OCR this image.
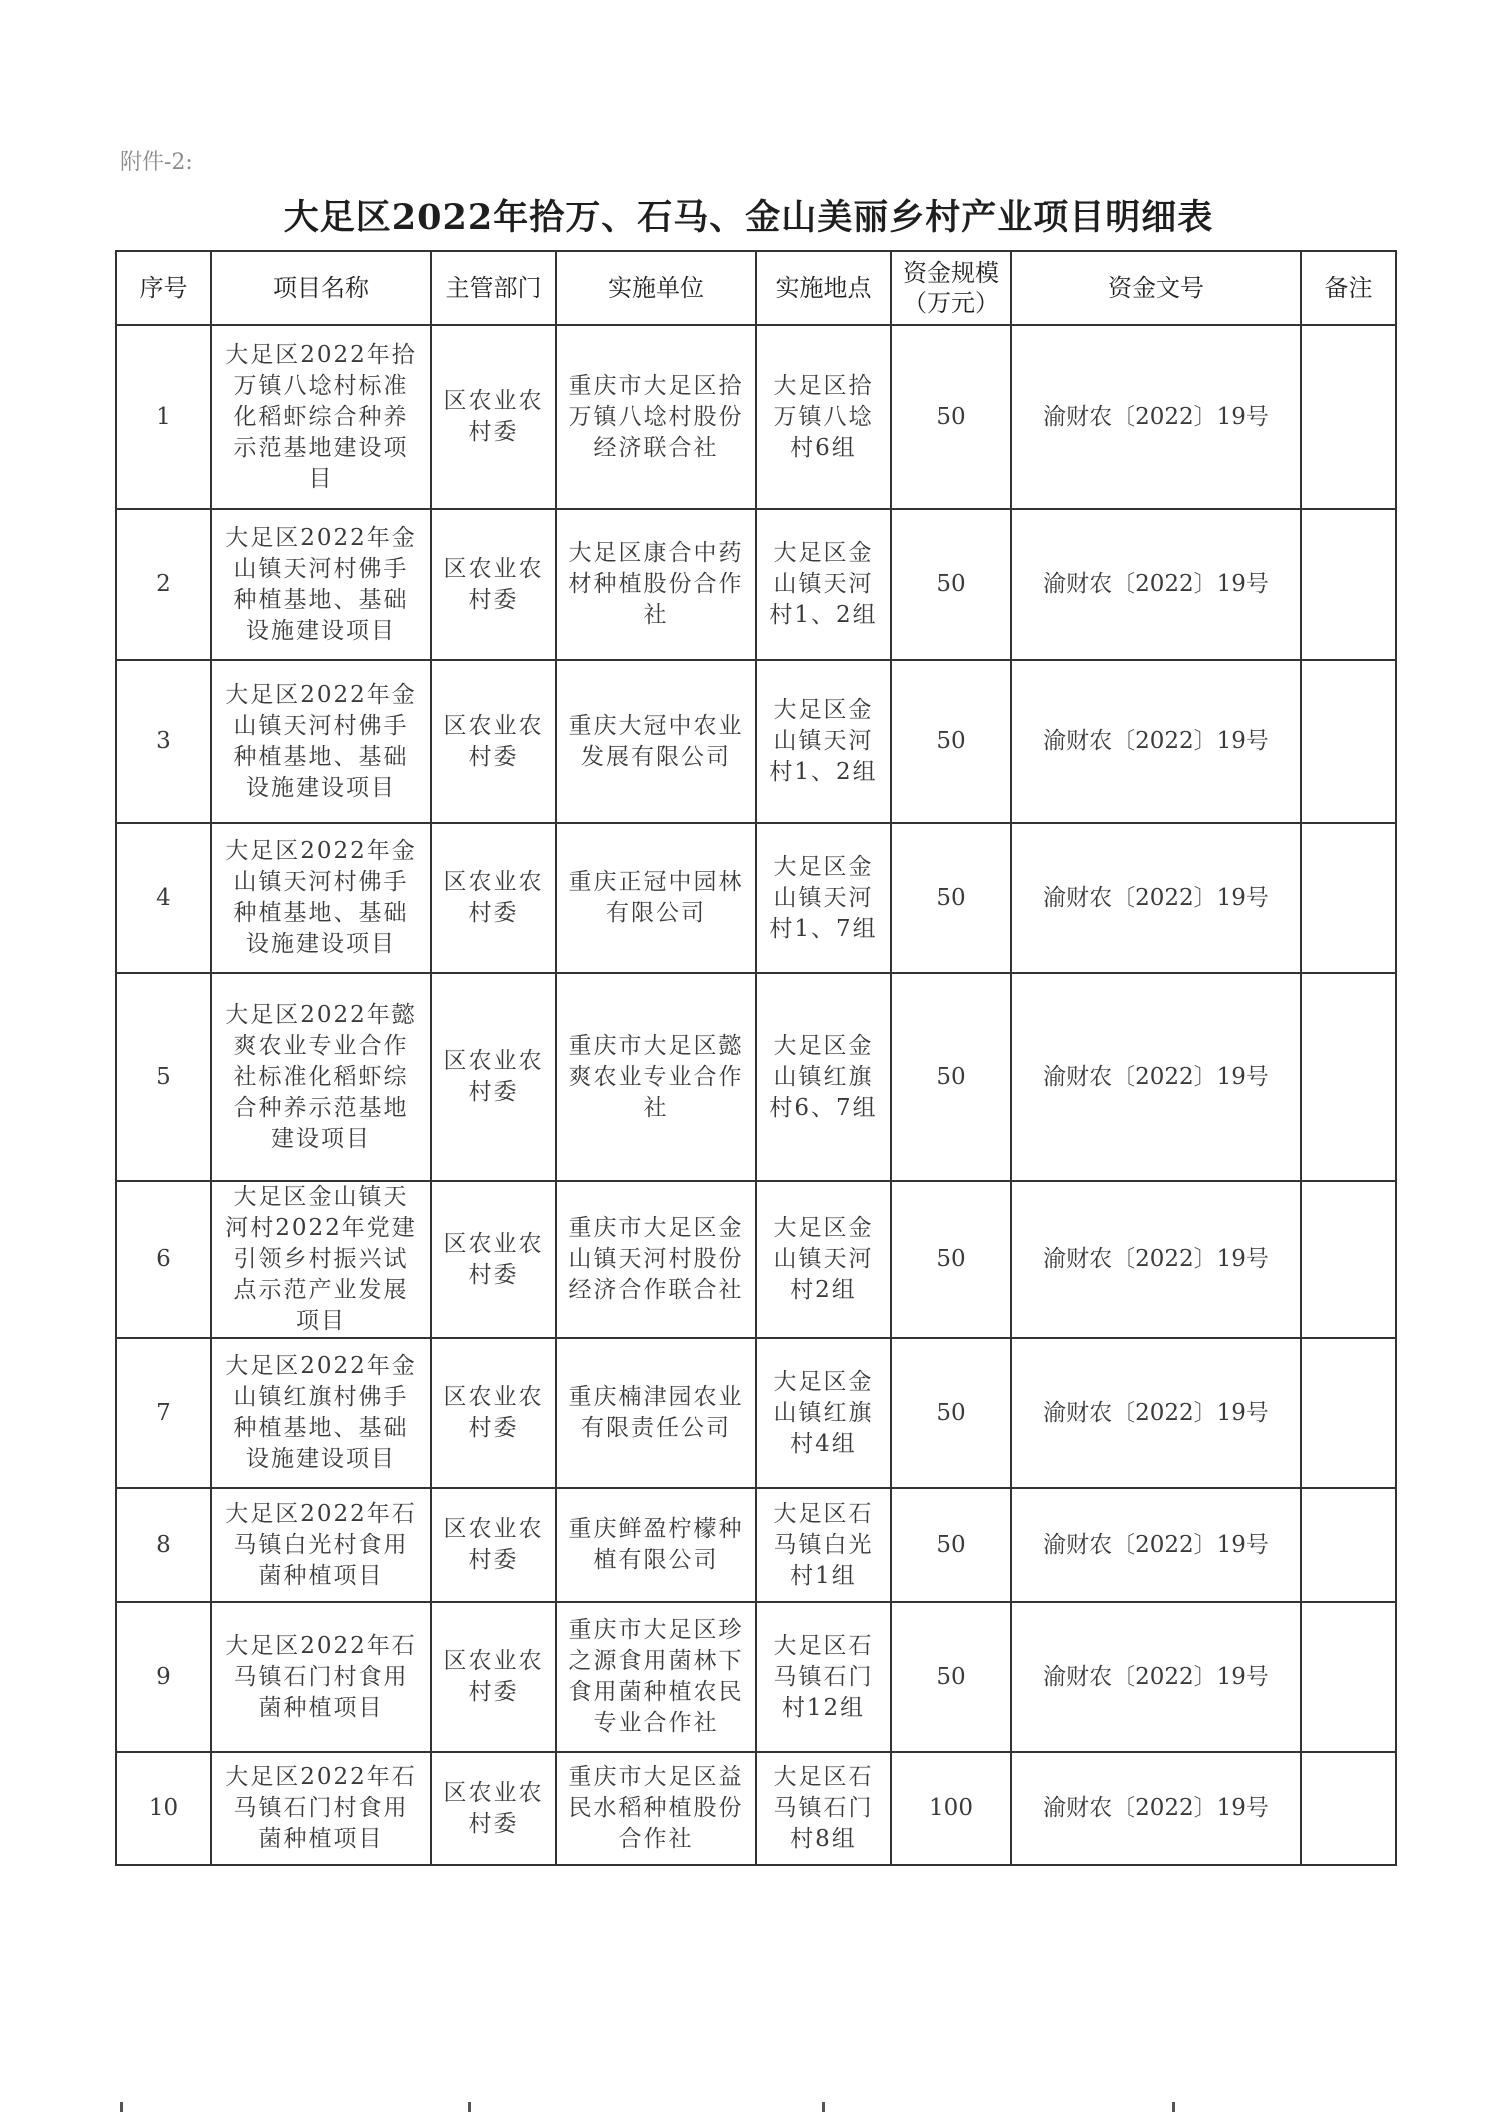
附件-2:
大足区2022年拾万、石马、金山美丽乡村产业项目明细表
序号	项目名称	主管部门	实施单位	实施地点	资金规模（万元）	资金文号	备注
1	大足区2022年拾万镇八埝村标准化稻虾综合种养示范基地建设项目	区农业农村委	重庆市大足区拾万镇八埝村股份经济联合社	大足区拾万镇八埝村6组	50	渝财农〔2022〕19号	
2	大足区2022年金山镇天河村佛手种植基地、基础设施建设项目	区农业农村委	大足区康合中药材种植股份合作社	大足区金山镇天河村1、2组	50	渝财农〔2022〕19号	
3	大足区2022年金山镇天河村佛手种植基地、基础设施建设项目	区农业农村委	重庆大冠中农业发展有限公司	大足区金山镇天河村1、2组	50	渝财农〔2022〕19号	
4	大足区2022年金山镇天河村佛手种植基地、基础设施建设项目	区农业农村委	重庆正冠中园林有限公司	大足区金山镇天河村1、7组	50	渝财农〔2022〕19号	
5	大足区2022年懿爽农业专业合作社标准化稻虾综合种养示范基地建设项目	区农业农村委	重庆市大足区懿爽农业专业合作社	大足区金山镇红旗村6、7组	50	渝财农〔2022〕19号	
6	大足区金山镇天河村2022年党建引领乡村振兴试点示范产业发展项目	区农业农村委	重庆市大足区金山镇天河村股份经济合作联合社	大足区金山镇天河村2组	50	渝财农〔2022〕19号	
7	大足区2022年金山镇红旗村佛手种植基地、基础设施建设项目	区农业农村委	重庆楠津园农业有限责任公司	大足区金山镇红旗村4组	50	渝财农〔2022〕19号	
8	大足区2022年石马镇白光村食用菌种植项目	区农业农村委	重庆鲜盈柠檬种植有限公司	大足区石马镇白光村1组	50	渝财农〔2022〕19号	
9	大足区2022年石马镇石门村食用菌种植项目	区农业农村委	重庆市大足区珍之源食用菌林下食用菌种植农民专业合作社	大足区石马镇石门村12组	50	渝财农〔2022〕19号	
10	大足区2022年石马镇石门村食用菌种植项目	区农业农村委	重庆市大足区益民水稻种植股份合作社	大足区石马镇石门村8组	100	渝财农〔2022〕19号	
